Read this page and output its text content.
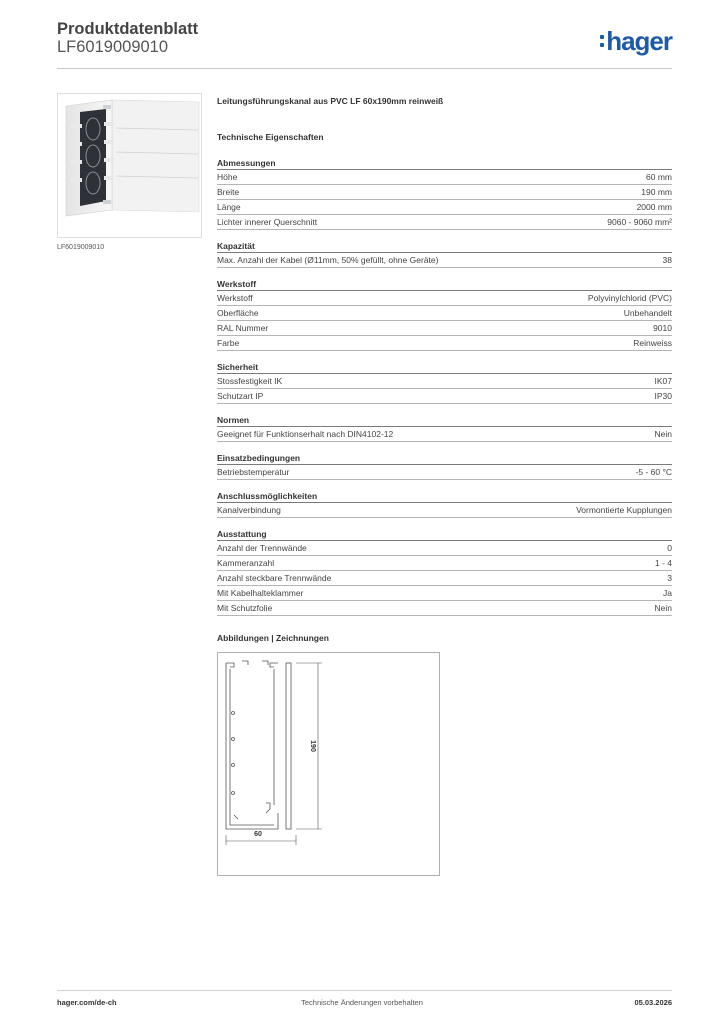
Produktdatenblatt
LF6019009010	hager
LF6019009010
Leitungsführungskanal aus PVC LF 60x190mm reinweiß
Technische Eigenschaften
Abmessungen
Höhe	60 mm
Breite	190 mm
Länge	2000 mm
Lichter innerer Querschnitt	9060 - 9060 mm²
Kapazität
Max. Anzahl der Kabel (Ø11mm, 50% gefüllt, ohne Geräte)	38
Werkstoff
Werkstoff	Polyvinylchlorid (PVC)
Oberfläche	Unbehandelt
RAL Nummer	9010
Farbe	Reinweiss
Sicherheit
Stossfestigkeit IK	IK07
Schutzart IP	IP30
Normen
Geeignet für Funktionserhalt nach DIN4102-12	Nein
Einsatzbedingungen
Betriebstemperatur	-5 - 60 °C
Anschlussmöglichkeiten
Kanalverbindung	Vormontierte Kupplungen
Ausstattung
Anzahl der Trennwände	0
Kammeranzahl	1 - 4
Anzahl steckbare Trennwände	3
Mit Kabelhalteklammer	Ja
Mit Schutzfolie	Nein
Abbildungen | Zeichnungen
60
190
hager.com/de-ch	Technische Änderungen vorbehalten	05.03.2026
